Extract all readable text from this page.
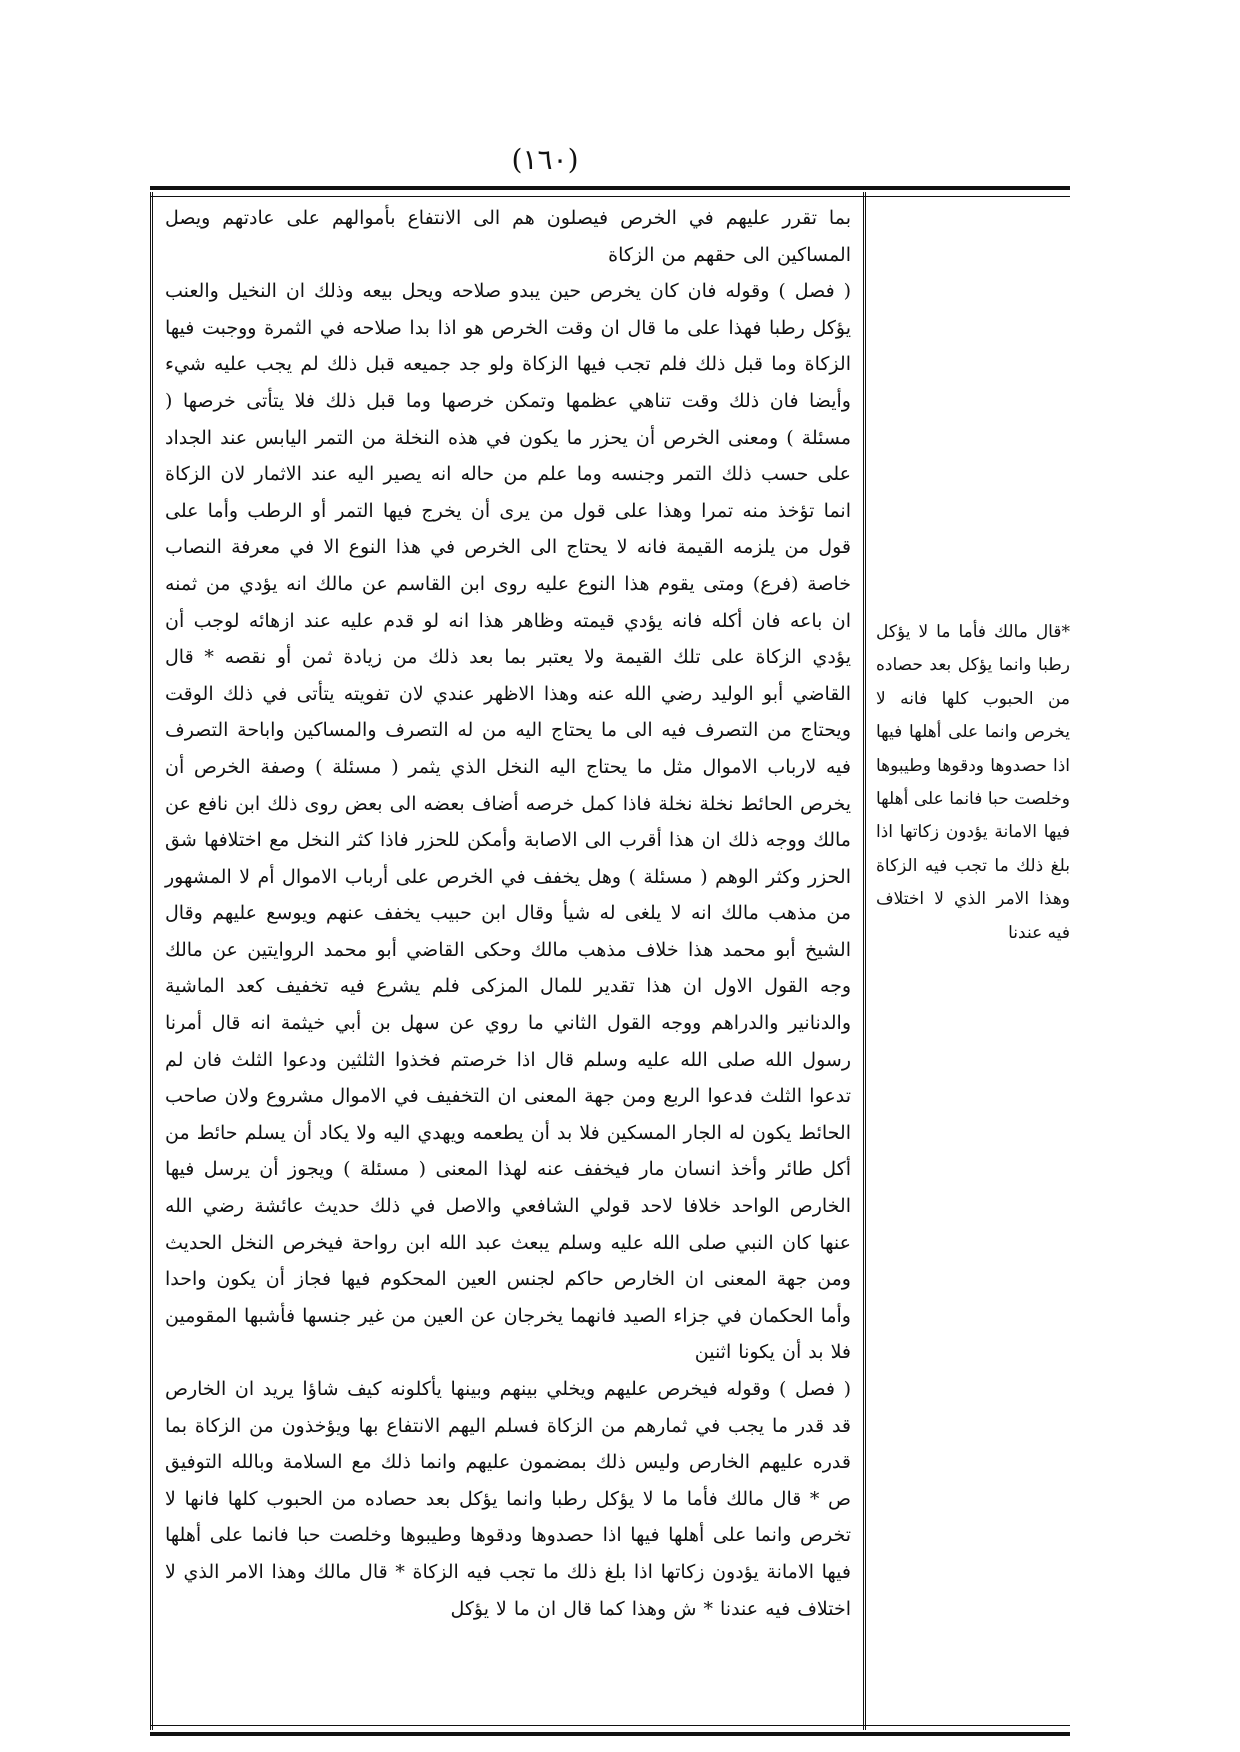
(١٦٠)

بما تقرر عليهم في الخرص فيصلون هم الى الانتفاع بأموالهم على عادتهم ويصل المساكين الى حقهم من الزكاة

( فصل ) وقوله فان كان يخرص حين يبدو صلاحه ويحل بيعه وذلك ان النخيل والعنب يؤكل رطبا فهذا على ما قال ان وقت الخرص هو اذا بدا صلاحه في الثمرة ووجبت فيها الزكاة وما قبل ذلك فلم تجب فيها الزكاة ولو جد جميعه قبل ذلك لم يجب عليه شيء وأيضا فان ذلك وقت تناهي عظمها وتمكن خرصها وما قبل ذلك فلا يتأتى خرصها ( مسئلة ) ومعنى الخرص أن يحزر ما يكون في هذه النخلة من التمر اليابس عند الجداد على حسب ذلك التمر وجنسه وما علم من حاله انه يصير اليه عند الاثمار لان الزكاة انما تؤخذ منه تمرا وهذا على قول من يرى أن يخرج فيها التمر أو الرطب وأما على قول من يلزمه القيمة فانه لا يحتاج الى الخرص في هذا النوع الا في معرفة النصاب خاصة (فرع) ومتى يقوم هذا النوع عليه روى ابن القاسم عن مالك انه يؤدي من ثمنه ان باعه فان أكله فانه يؤدي قيمته وظاهر هذا انه لو قدم عليه عند ازهائه لوجب أن يؤدي الزكاة على تلك القيمة ولا يعتبر بما بعد ذلك من زيادة ثمن أو نقصه * قال القاضي أبو الوليد رضي الله عنه وهذا الاظهر عندي لان تفويته يتأتى في ذلك الوقت ويحتاج من التصرف فيه الى ما يحتاج اليه من له التصرف والمساكين واباحة التصرف فيه لارباب الاموال مثل ما يحتاج اليه النخل الذي يثمر ( مسئلة ) وصفة الخرص أن يخرص الحائط نخلة نخلة فاذا كمل خرصه أضاف بعضه الى بعض روى ذلك ابن نافع عن مالك ووجه ذلك ان هذا أقرب الى الاصابة وأمكن للحزر فاذا كثر النخل مع اختلافها شق الحزر وكثر الوهم ( مسئلة ) وهل يخفف في الخرص على أرباب الاموال أم لا المشهور من مذهب مالك انه لا يلغى له شيأ وقال ابن حبيب يخفف عنهم ويوسع عليهم وقال الشيخ أبو محمد هذا خلاف مذهب مالك وحكى القاضي أبو محمد الروايتين عن مالك وجه القول الاول ان هذا تقدير للمال المزكى فلم يشرع فيه تخفيف كعد الماشية والدنانير والدراهم ووجه القول الثاني ما روي عن سهل بن أبي خيثمة انه قال أمرنا رسول الله صلى الله عليه وسلم قال اذا خرصتم فخذوا الثلثين ودعوا الثلث فان لم تدعوا الثلث فدعوا الربع ومن جهة المعنى ان التخفيف في الاموال مشروع ولان صاحب الحائط يكون له الجار المسكين فلا بد أن يطعمه ويهدي اليه ولا يكاد أن يسلم حائط من أكل طائر وأخذ انسان مار فيخفف عنه لهذا المعنى ( مسئلة ) ويجوز أن يرسل فيها الخارص الواحد خلافا لاحد قولي الشافعي والاصل في ذلك حديث عائشة رضي الله عنها كان النبي صلى الله عليه وسلم يبعث عبد الله ابن رواحة فيخرص النخل الحديث ومن جهة المعنى ان الخارص حاكم لجنس العين المحكوم فيها فجاز أن يكون واحدا وأما الحكمان في جزاء الصيد فانهما يخرجان عن العين من غير جنسها فأشبها المقومين فلا بد أن يكونا اثنين

( فصل ) وقوله فيخرص عليهم ويخلي بينهم وبينها يأكلونه كيف شاؤا يريد ان الخارص قد قدر ما يجب في ثمارهم من الزكاة فسلم اليهم الانتفاع بها ويؤخذون من الزكاة بما قدره عليهم الخارص وليس ذلك بمضمون عليهم وانما ذلك مع السلامة وبالله التوفيق ص * قال مالك فأما ما لا يؤكل رطبا وانما يؤكل بعد حصاده من الحبوب كلها فانها لا تخرص وانما على أهلها فيها اذا حصدوها ودقوها وطيبوها وخلصت حبا فانما على أهلها فيها الامانة يؤدون زكاتها اذا بلغ ذلك ما تجب فيه الزكاة * قال مالك وهذا الامر الذي لا اختلاف فيه عندنا * ش وهذا كما قال ان ما لا يؤكل

*قال مالك فأما ما لا يؤكل رطبا وانما يؤكل بعد حصاده من الحبوب كلها فانه لا يخرص وانما على أهلها فيها اذا حصدوها ودقوها وطيبوها وخلصت حبا فانما على أهلها فيها الامانة يؤدون زكاتها اذا بلغ ذلك ما تجب فيه الزكاة وهذا الامر الذي لا اختلاف فيه عندنا
